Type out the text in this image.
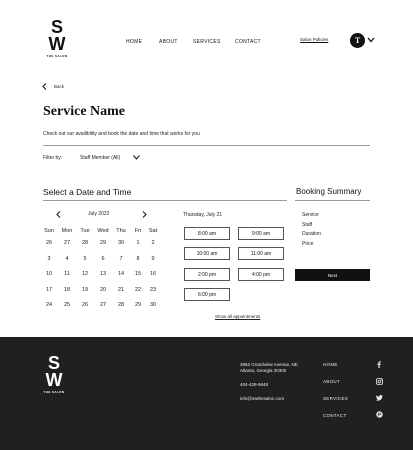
S
W
THE SALON
HOME	ABOUT	SERVICES	CONTACT	Salon Policies	T
Back
Service Name
Check out our availibility and book the date and time that works for you
Filter by:	Staff Member (All)
Select a Date and Time
July 2022
Sun Mon Tue Wed Thu	Fri	Sat
26	27	28	29	30	1	2
3	4	5	6	7	8	9
10	11	12	13	14	15	16
17	18	19	20	21	22	23
24	25	26	27	28	29	30
Thursday, July 21
8:00 am	9:00 am
10:00 am	11:00 am
2:00 pm	4:00 pm
6:00 pm
Show all appointments
Booking Summary
Service
Staff
Duration
Price
Next
S
W
THE SALON
3962 Grandview Avenue, NE
Atlanta, Georgia 30305
404-428-6848
info@swthesalon.com
HOME
ABOUT
SERVICES
CONTACT
